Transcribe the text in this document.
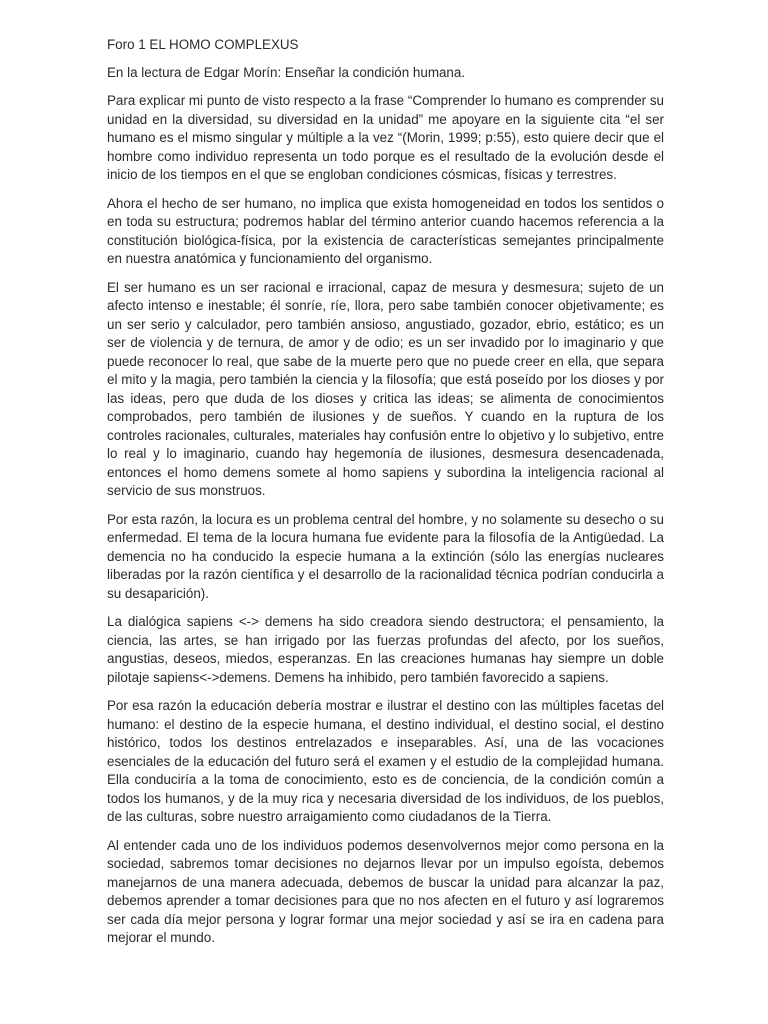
Foro 1 EL HOMO COMPLEXUS

En la lectura de Edgar Morín: Enseñar la condición humana.

Para explicar mi punto de visto respecto a la frase “Comprender lo humano es comprender su unidad en la diversidad, su diversidad en la unidad” me apoyare en la siguiente cita “el ser humano es el mismo singular y múltiple a la vez “(Morin, 1999; p:55), esto quiere decir que el hombre como individuo representa un todo porque es el resultado de la evolución desde el inicio de los tiempos en el que se engloban condiciones cósmicas, físicas y terrestres.

Ahora el hecho de ser humano, no implica que exista homogeneidad en todos los sentidos o en toda su estructura; podremos hablar del término anterior cuando hacemos referencia a la constitución biológica-física, por la existencia de características semejantes principalmente en nuestra anatómica y funcionamiento del organismo.

El ser humano es un ser racional e irracional, capaz de mesura y desmesura; sujeto de un afecto intenso e inestable; él sonríe, ríe, llora, pero sabe también conocer objetivamente; es un ser serio y calculador, pero también ansioso, angustiado, gozador, ebrio, estático; es un ser de violencia y de ternura, de amor y de odio; es un ser invadido por lo imaginario y que puede reconocer lo real, que sabe de la muerte pero que no puede creer en ella, que separa el mito y la magia, pero también la ciencia y la filosofía; que está poseído por los dioses y por las ideas, pero que duda de los dioses y critica las ideas; se alimenta de conocimientos comprobados, pero también de ilusiones y de sueños. Y cuando en la ruptura de los controles racionales, culturales, materiales hay confusión entre lo objetivo y lo subjetivo, entre lo real y lo imaginario, cuando hay hegemonía de ilusiones, desmesura desencadenada, entonces el homo demens somete al homo sapiens y subordina la inteligencia racional al servicio de sus monstruos.

Por esta razón, la locura es un problema central del hombre, y no solamente su desecho o su enfermedad. El tema de la locura humana fue evidente para la filosofía de la Antigüedad. La demencia no ha conducido la especie humana a la extinción (sólo las energías nucleares liberadas por la razón científica y el desarrollo de la racionalidad técnica podrían conducirla a su desaparición).

La dialógica sapiens <-> demens ha sido creadora siendo destructora; el pensamiento, la ciencia, las artes, se han irrigado por las fuerzas profundas del afecto, por los sueños, angustias, deseos, miedos, esperanzas. En las creaciones humanas hay siempre un doble pilotaje sapiens<->demens. Demens ha inhibido, pero también favorecido a sapiens.

Por esa razón la educación debería mostrar e ilustrar el destino con las múltiples facetas del humano: el destino de la especie humana, el destino individual, el destino social, el destino histórico, todos los destinos entrelazados e inseparables. Así, una de las vocaciones esenciales de la educación del futuro será el examen y el estudio de la complejidad humana. Ella conduciría a la toma de conocimiento, esto es de conciencia, de la condición común a todos los humanos, y de la muy rica y necesaria diversidad de los individuos, de los pueblos, de las culturas, sobre nuestro arraigamiento como ciudadanos de la Tierra.

Al entender cada uno de los individuos podemos desenvolvernos mejor como persona en la sociedad, sabremos tomar decisiones no dejarnos llevar por un impulso egoísta, debemos manejarnos de una manera adecuada, debemos de buscar la unidad para alcanzar la paz, debemos aprender a tomar decisiones para que no nos afecten en el futuro y así lograremos ser cada día mejor persona y lograr formar una mejor sociedad y así se ira en cadena para mejorar el mundo.
